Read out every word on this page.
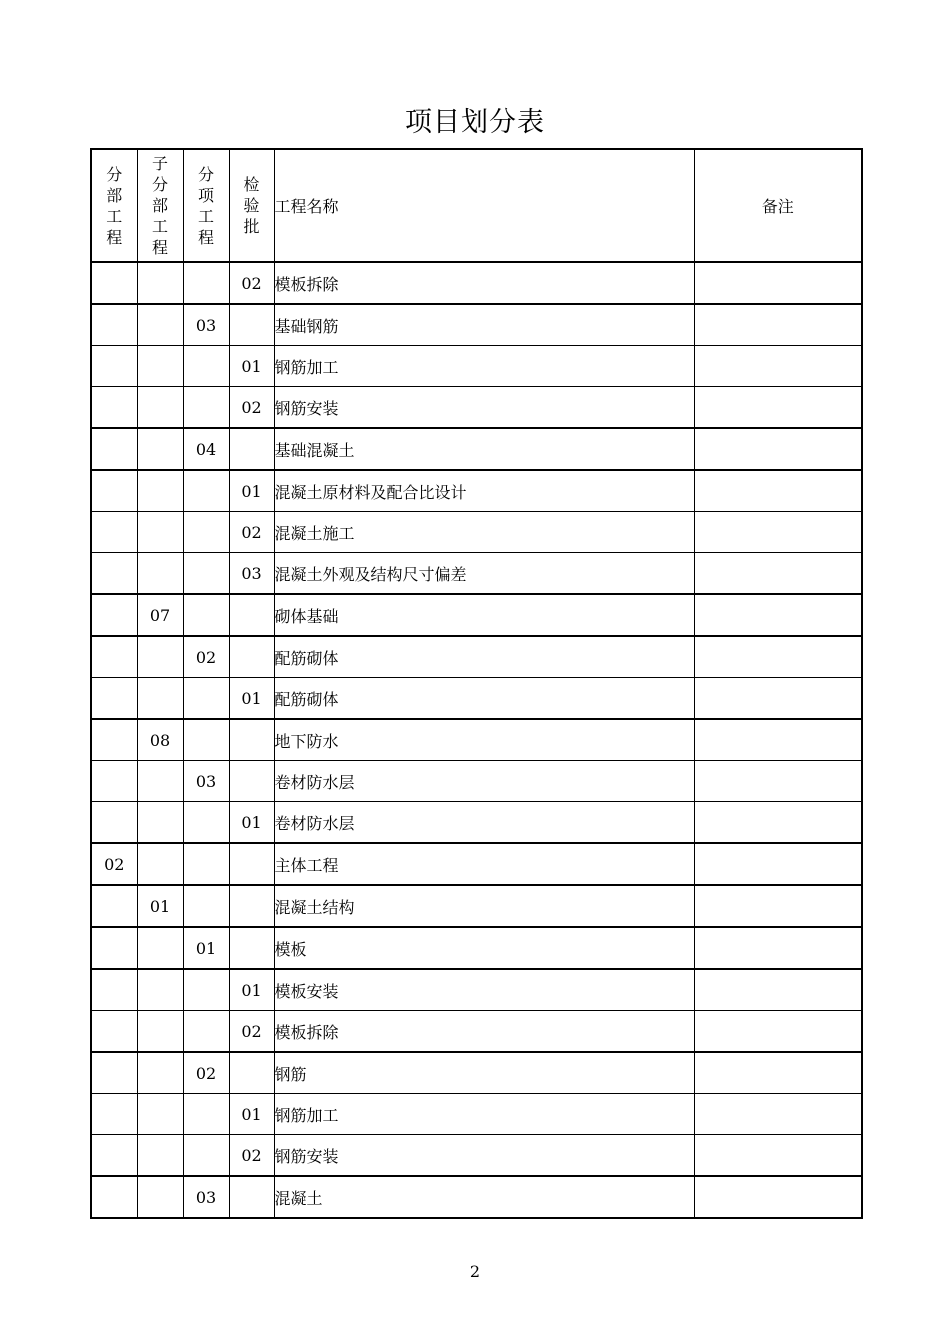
项目划分表
分部工程	子分部工程	分项工程	检验批	工程名称	备注
			02	模板拆除	
		03		基础钢筋	
			01	钢筋加工	
			02	钢筋安装	
		04		基础混凝土	
			01	混凝土原材料及配合比设计	
			02	混凝土施工	
			03	混凝土外观及结构尺寸偏差	
	07			砌体基础	
		02		配筋砌体	
			01	配筋砌体	
	08			地下防水	
		03		卷材防水层	
			01	卷材防水层	
02				主体工程	
	01			混凝土结构	
		01		模板	
			01	模板安装	
			02	模板拆除	
		02		钢筋	
			01	钢筋加工	
			02	钢筋安装	
		03		混凝土	
2
